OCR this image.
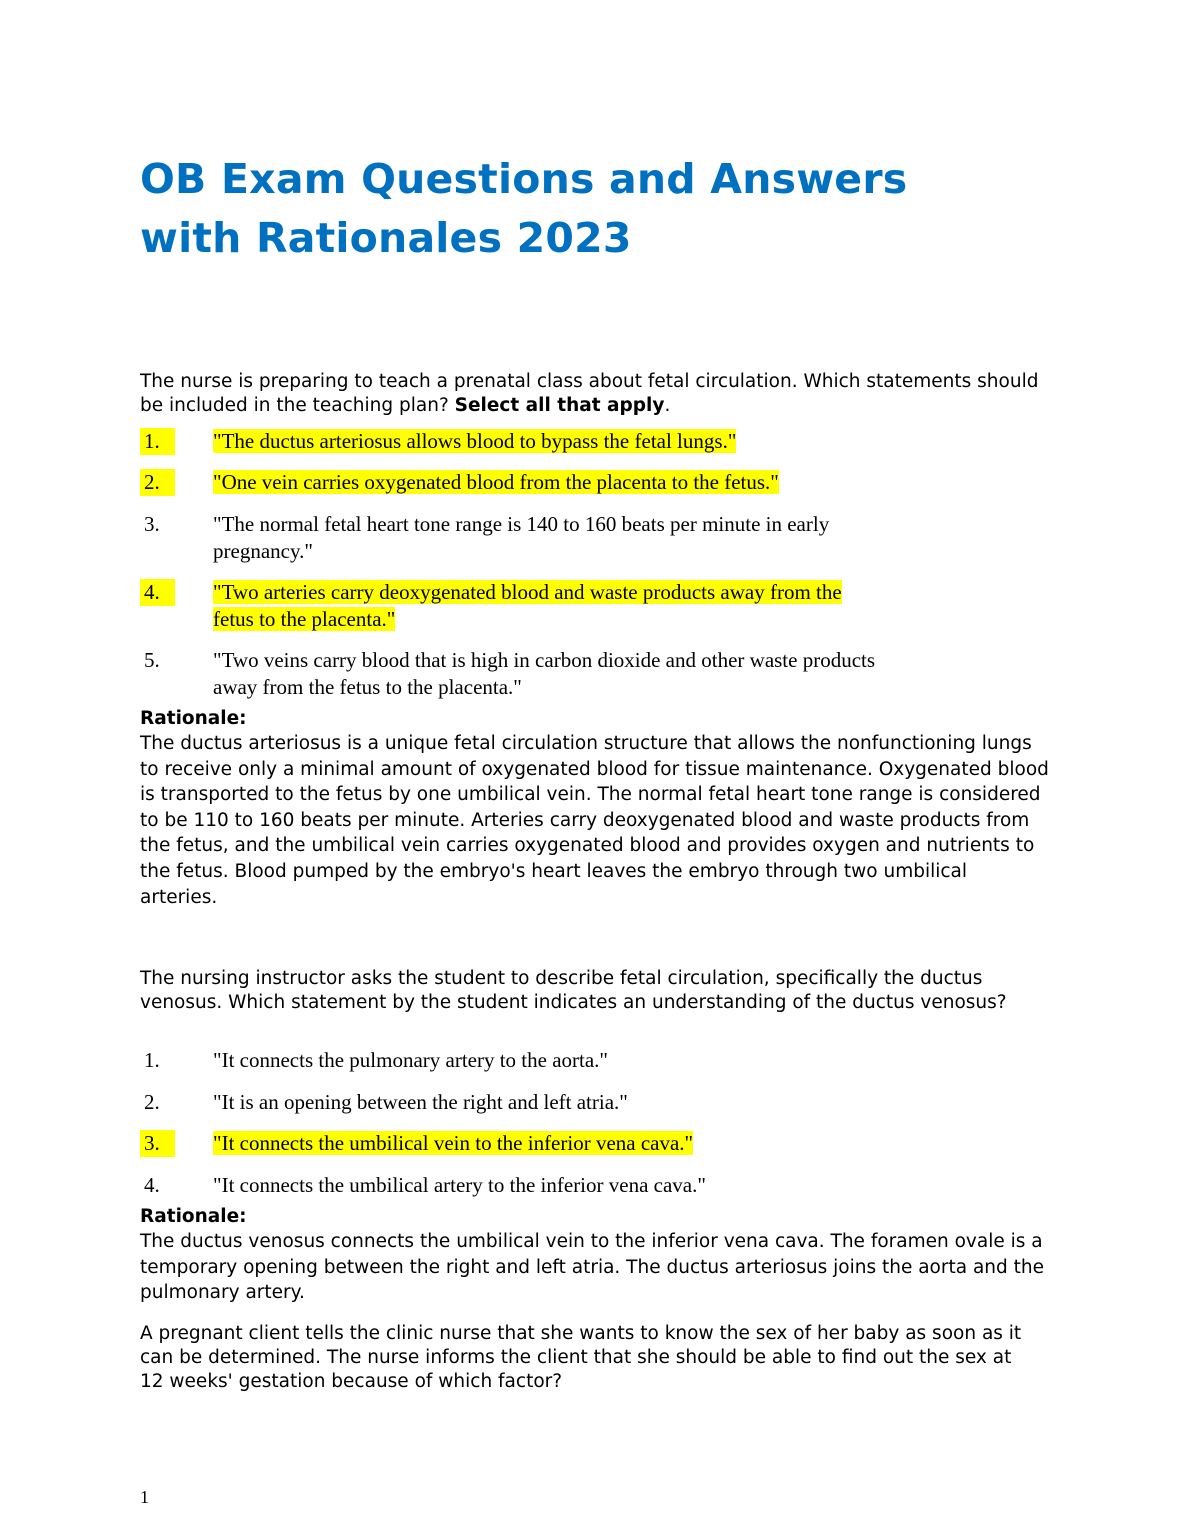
OB Exam Questions and Answers
with Rationales 2023

The nurse is preparing to teach a prenatal class about fetal circulation. Which statements should be included in the teaching plan? Select all that apply.

1.	"The ductus arteriosus allows blood to bypass the fetal lungs."
2.	"One vein carries oxygenated blood from the placenta to the fetus."
3.	"The normal fetal heart tone range is 140 to 160 beats per minute in early pregnancy."
4.	"Two arteries carry deoxygenated blood and waste products away from the fetus to the placenta."
5.	"Two veins carry blood that is high in carbon dioxide and other waste products away from the fetus to the placenta."

Rationale:

The ductus arteriosus is a unique fetal circulation structure that allows the nonfunctioning lungs to receive only a minimal amount of oxygenated blood for tissue maintenance. Oxygenated blood is transported to the fetus by one umbilical vein. The normal fetal heart tone range is considered to be 110 to 160 beats per minute. Arteries carry deoxygenated blood and waste products from the fetus, and the umbilical vein carries oxygenated blood and provides oxygen and nutrients to the fetus. Blood pumped by the embryo's heart leaves the embryo through two umbilical arteries.

The nursing instructor asks the student to describe fetal circulation, specifically the ductus venosus. Which statement by the student indicates an understanding of the ductus venosus?

1.	"It connects the pulmonary artery to the aorta."
2.	"It is an opening between the right and left atria."
3.	"It connects the umbilical vein to the inferior vena cava."
4.	"It connects the umbilical artery to the inferior vena cava."

Rationale:

The ductus venosus connects the umbilical vein to the inferior vena cava. The foramen ovale is a temporary opening between the right and left atria. The ductus arteriosus joins the aorta and the pulmonary artery.

A pregnant client tells the clinic nurse that she wants to know the sex of her baby as soon as it can be determined. The nurse informs the client that she should be able to find out the sex at 12 weeks' gestation because of which factor?

1
